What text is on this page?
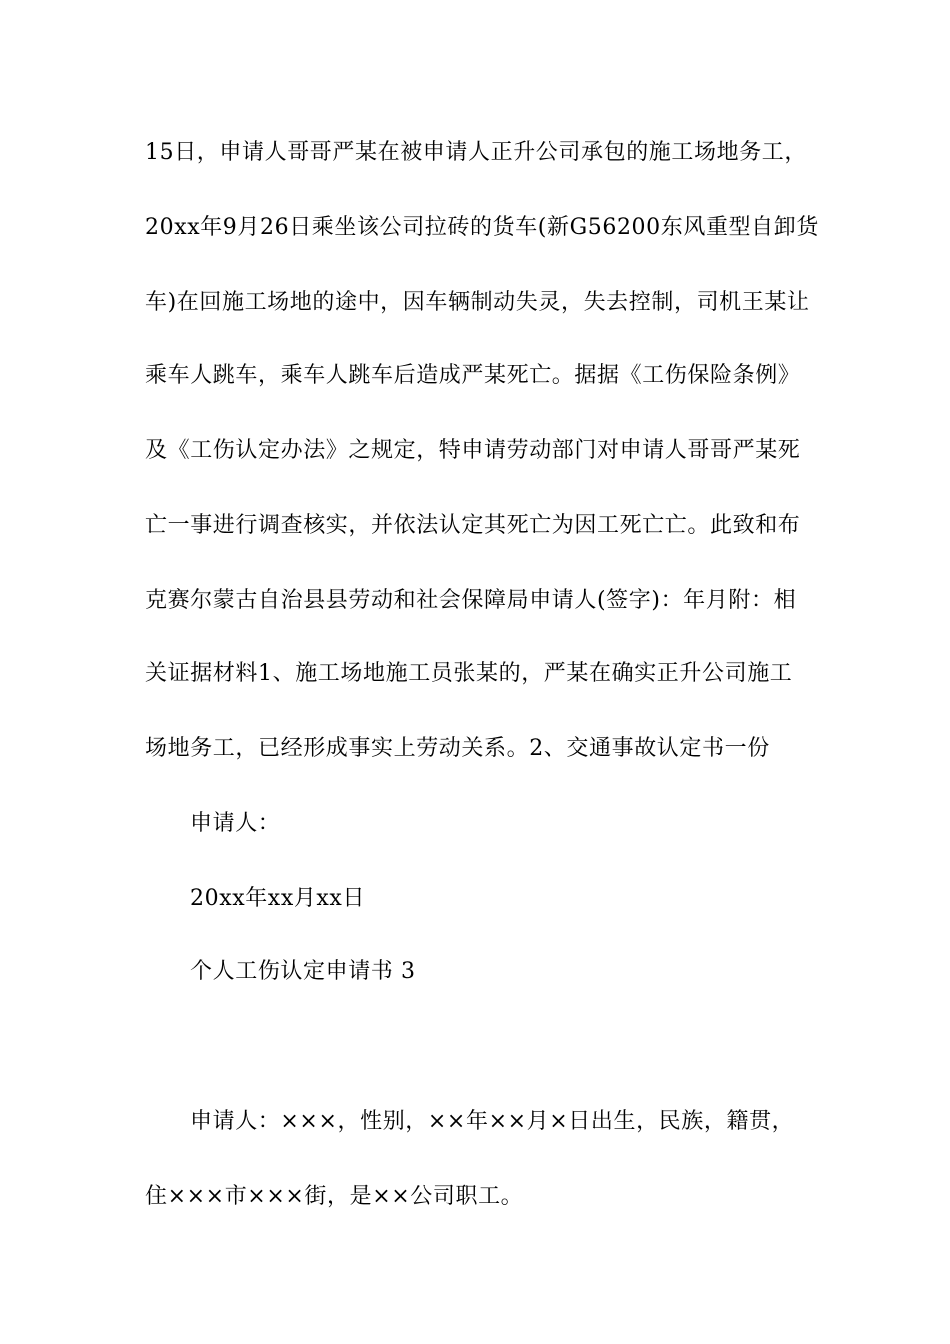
15日，申请人哥哥严某在被申请人正升公司承包的施工场地务工，
20xx年9月26日乘坐该公司拉砖的货车(新G56200东风重型自卸货
车)在回施工场地的途中，因车辆制动失灵，失去控制，司机王某让
乘车人跳车，乘车人跳车后造成严某死亡。据据《工伤保险条例》
及《工伤认定办法》之规定，特申请劳动部门对申请人哥哥严某死
亡一事进行调查核实，并依法认定其死亡为因工死亡亡。此致和布
克赛尔蒙古自治县县劳动和社会保障局申请人(签字)：年月附：相
关证据材料1、施工场地施工员张某的，严某在确实正升公司施工
场地务工，已经形成事实上劳动关系。2、交通事故认定书一份
申请人：
20xx年xx月xx日
个人工伤认定申请书 3
申请人：×××，性别，××年××月×日出生，民族，籍贯，
住×××市×××街，是××公司职工。
